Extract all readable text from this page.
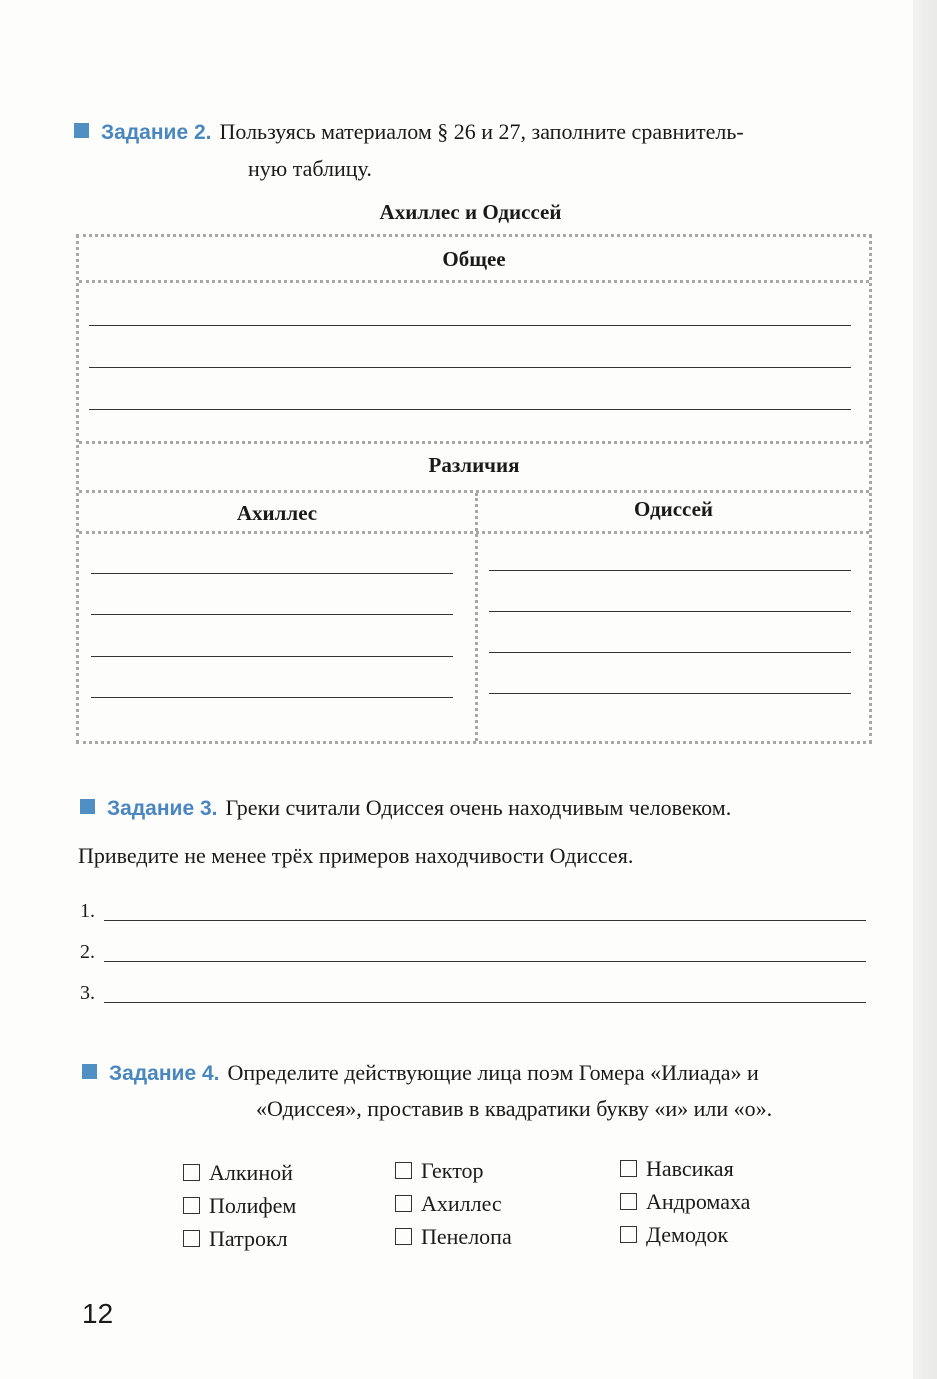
Задание 2. Пользуясь материалом § 26 и 27, заполните сравнитель-
ную таблицу.
Ахиллес и Одиссей
Общее
Различия
Ахиллес	Одиссей
Задание 3. Греки считали Одиссея очень находчивым человеком.
Приведите не менее трёх примеров находчивости Одиссея.
1.
2.
3.
Задание 4. Определите действующие лица поэм Гомера «Илиада» и
«Одиссея», проставив в квадратики букву «и» или «о».
Алкиной
Полифем
Патрокл
Гектор
Ахиллес
Пенелопа
Навсикая
Андромаха
Демодок
12
